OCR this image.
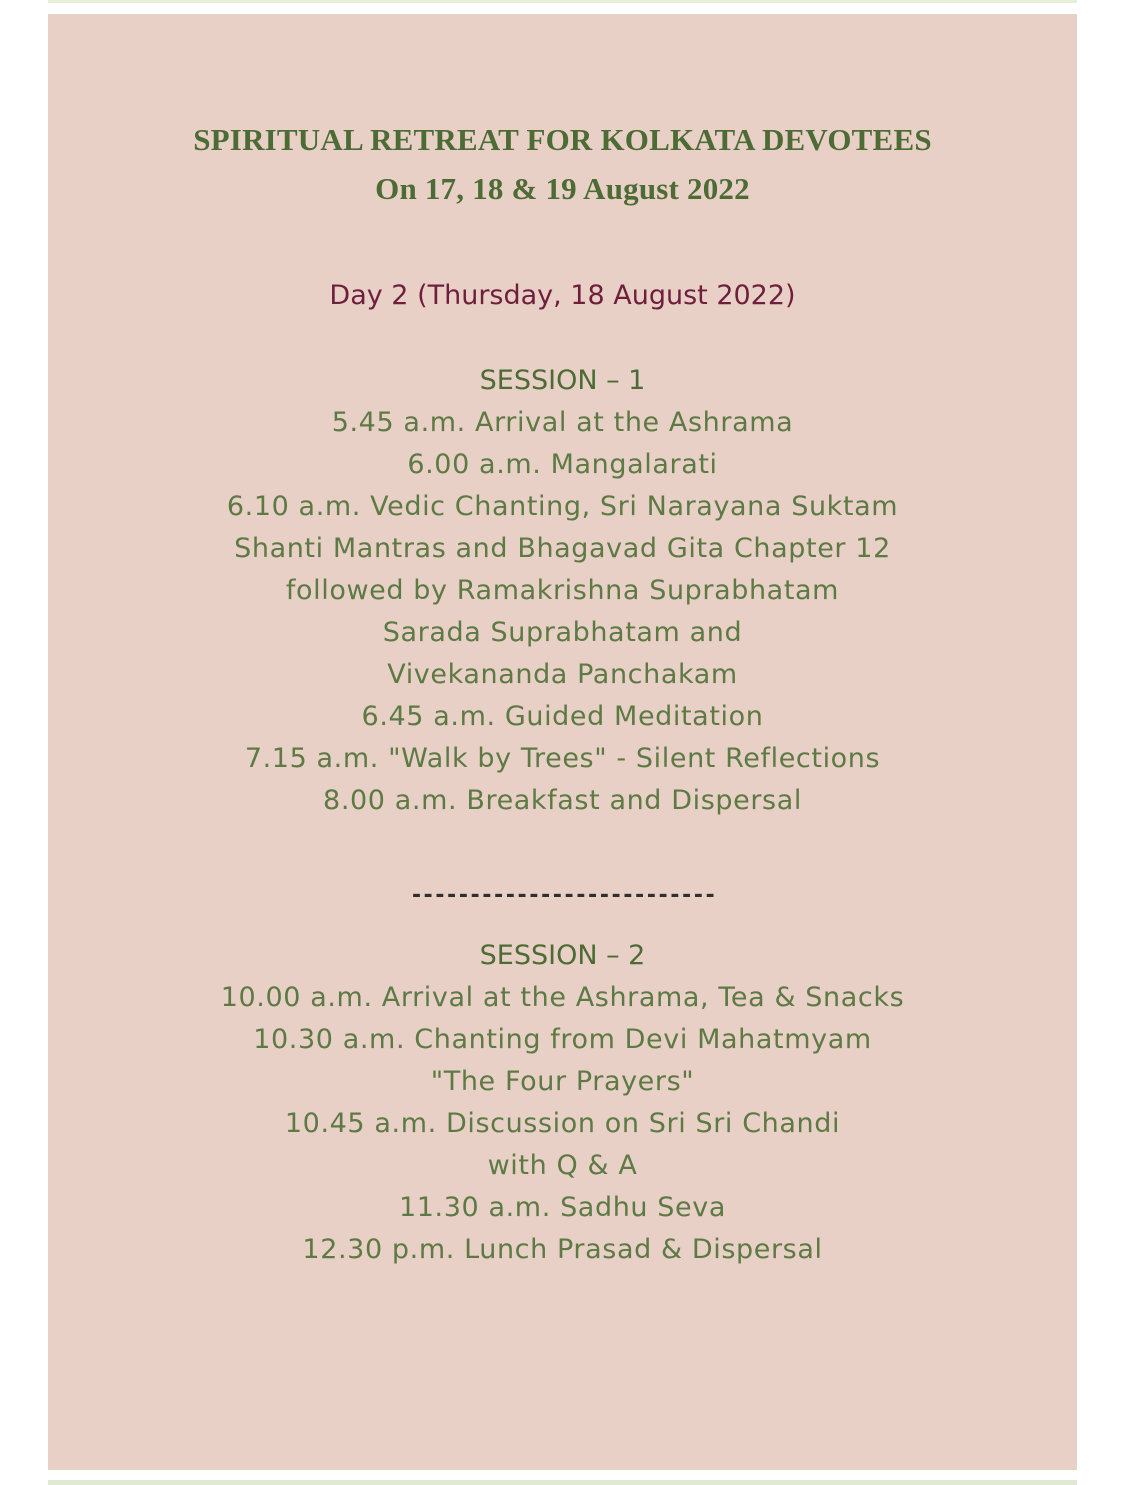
SPIRITUAL RETREAT FOR KOLKATA DEVOTEES
On 17, 18 & 19 August 2022
Day 2 (Thursday, 18 August 2022)
SESSION – 1
5.45 a.m. Arrival at the Ashrama
6.00 a.m. Mangalarati
6.10 a.m. Vedic Chanting, Sri Narayana Suktam
Shanti Mantras and Bhagavad Gita Chapter 12
followed by Ramakrishna Suprabhatam
Sarada Suprabhatam and
Vivekananda Panchakam
6.45 a.m. Guided Meditation
7.15 a.m. "Walk by Trees" - Silent Reflections
8.00 a.m. Breakfast and Dispersal
--------------------------
SESSION – 2
10.00 a.m. Arrival at the Ashrama, Tea & Snacks
10.30 a.m. Chanting from Devi Mahatmyam
"The Four Prayers"
10.45 a.m. Discussion on Sri Sri Chandi
with Q & A
11.30 a.m. Sadhu Seva
12.30 p.m. Lunch Prasad & Dispersal
